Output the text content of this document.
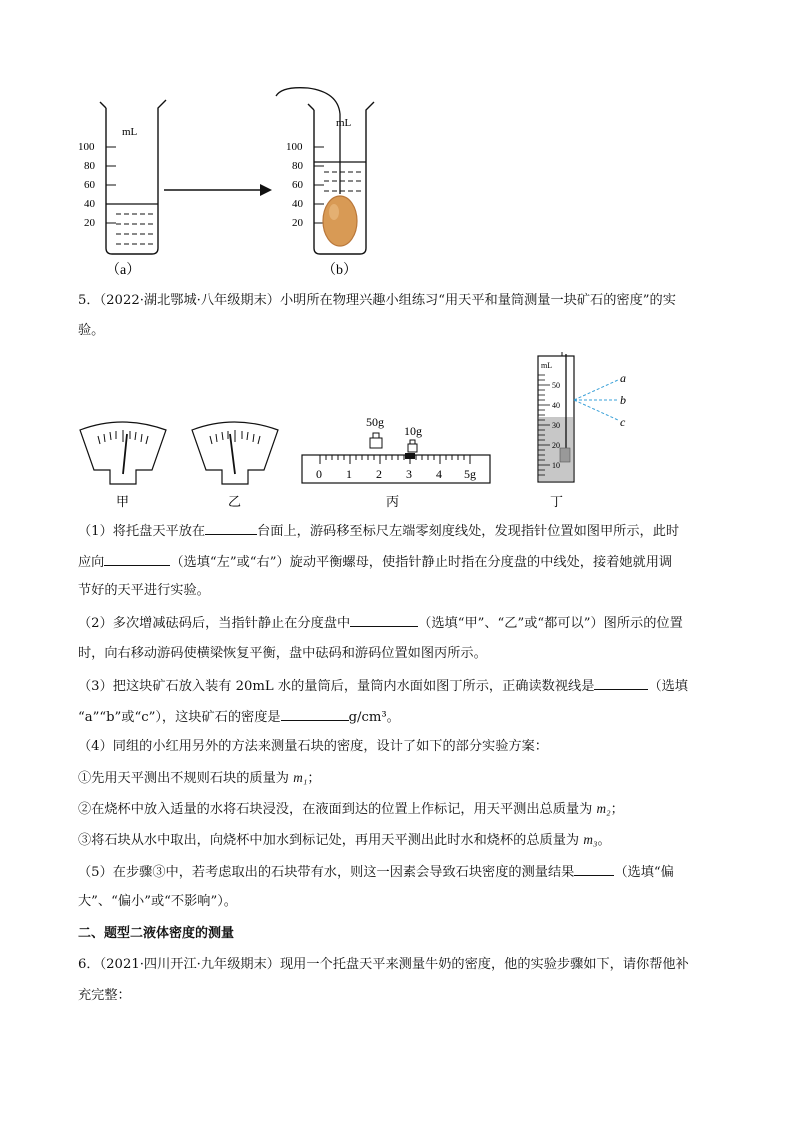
mL
100
80
60
40
20
（a）
mL
100
80
60
40
20
（b）
5．（2022·湖北鄂城·八年级期末）小明所在物理兴趣小组练习“用天平和量筒测量一块矿石的密度”的实
验。
甲	乙
0 1 2 3 4 5g
50g
10g
丙
mL
50
40
30
20
10
a
b
c
丁
（1）将托盘天平放在	台面上，游码移至标尺左端零刻度线处，发现指针位置如图甲所示，此时
应向	（选填“左”或“右”）旋动平衡螺母，使指针静止时指在分度盘的中线处，接着她就用调
节好的天平进行实验。
（2）多次增减砝码后，当指针静止在分度盘中	（选填“甲”、“乙”或“都可以”）图所示的位置
时，向右移动游码使横梁恢复平衡，盘中砝码和游码位置如图丙所示。
（3）把这块矿石放入装有 20mL 水的量筒后，量筒内水面如图丁所示，正确读数视线是	（选填
“a”“b”或“c”），这块矿石的密度是	g/cm³。
（4）同组的小红用另外的方法来测量石块的密度，设计了如下的部分实验方案：
①先用天平测出不规则石块的质量为 m₁；
②在烧杯中放入适量的水将石块浸没，在液面到达的位置上作标记，用天平测出总质量为 m₂；
③将石块从水中取出，向烧杯中加水到标记处，再用天平测出此时水和烧杯的总质量为 m₃。
（5）在步骤③中，若考虑取出的石块带有水，则这一因素会导致石块密度的测量结果	（选填“偏
大”、“偏小”或“不影响”）。
二、题型二液体密度的测量
6．（2021·四川开江·九年级期末）现用一个托盘天平来测量牛奶的密度，他的实验步骤如下，请你帮他补
充完整：
